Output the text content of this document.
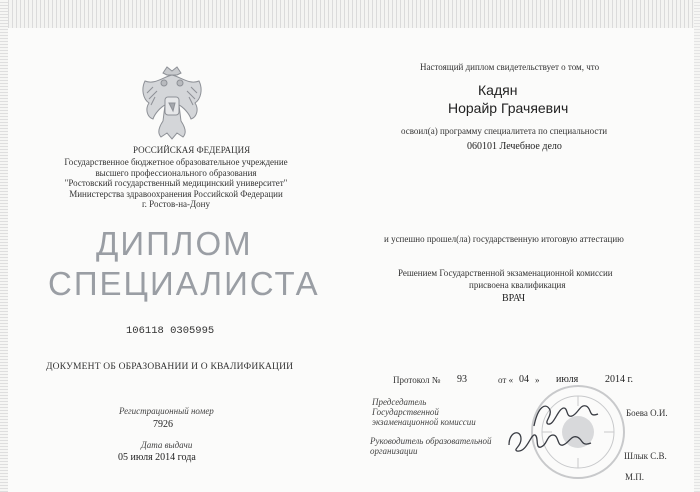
РОССИЙСКАЯ ФЕДЕРАЦИЯ
Государственное бюджетное образовательное учреждение
высшего профессионального образования
"Ростовский государственный медицинский университет"
Министерства здравоохранения Российской Федерации
г. Ростов-на-Дону
ДИПЛОМ
СПЕЦИАЛИСТА
106118 0305995
ДОКУМЕНТ ОБ ОБРАЗОВАНИИ И О КВАЛИФИКАЦИИ
Регистрационный номер
7926
Дата выдачи
05 июля 2014 года
Настоящий диплом свидетельствует о том, что
Кадян
Норайр Грачяевич
освоил(а) программу специалитета по специальности
060101 Лечебное дело
и успешно прошел(ла) государственную итоговую аттестацию
Решением Государственной экзаменационной комиссии
присвоена квалификация
ВРАЧ
Протокол № 93	от « 04 » июля	2014 г.
Председатель
Государственной
экзаменационной комиссии
Боева О.И.
Руководитель образовательной
организации	Шлык С.В.
М.П.
